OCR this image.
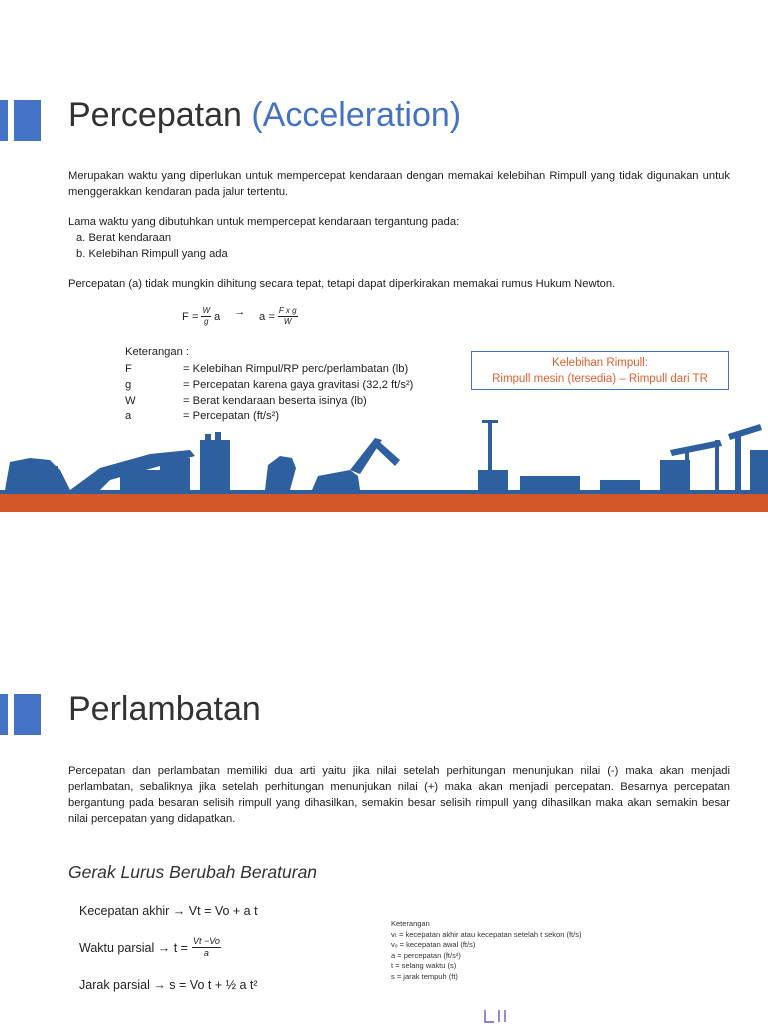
Percepatan (Acceleration)
Merupakan waktu yang diperlukan untuk mempercepat kendaraan dengan memakai kelebihan Rimpull yang tidak digunakan untuk menggerakkan kendaran pada jalur tertentu.
Lama waktu yang dibutuhkan untuk mempercepat kendaraan tergantung pada:
a. Berat kendaraan
b. Kelebihan Rimpull yang ada
Percepatan (a) tidak mungkin dihitung secara tepat, tetapi dapat diperkirakan memakai rumus Hukum Newton.
$F = \frac{W}{g}$ $a \to a = \frac{\text{F x g}}{W}$
Keterangan :
F	= Kelebihan Rimpul/RP perc/perlambatan (lb)
g	= Percepatan karena gaya gravitasi (32,2 ft/s²)
W	= Berat kendaraan beserta isinya (lb)
a	= Percepatan (ft/s²)
Kelebihan Rimpull:
Rimpull mesin (tersedia) – Rimpull dari TR
Perlambatan
Percepatan dan perlambatan memiliki dua arti yaitu jika nilai setelah perhitungan menunjukan nilai (-) maka akan menjadi perlambatan, sebaliknya jika setelah perhitungan menunjukan nilai (+) maka akan menjadi percepatan. Besarnya percepatan bergantung pada besaran selisih rimpull yang dihasilkan, semakin besar selisih rimpull yang dihasilkan maka akan semakin besar nilai percepatan yang didapatkan.
Gerak Lurus Berubah Beraturan
Kecepatan akhir → Vt = Vo + a t
Waktu parsial → $t = \frac{Vt -Vo}{a}$
Jarak parsial → s = Vo t + ½ a t²
Keterangan
vₜ = kecepatan akhir atau kecepatan setelah t sekon (ft/s)
vₒ = kecepatan awal (ft/s)
a = percepatan (ft/s²)
t = selang waktu (s)
s = jarak tempuh (ft)
